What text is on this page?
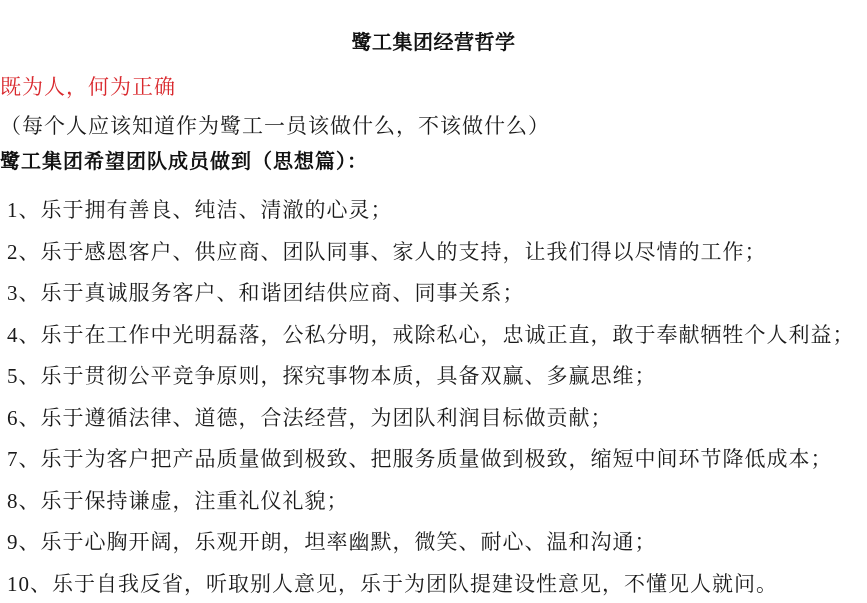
鹭工集团经营哲学

既为人，何为正确

（每个人应该知道作为鹭工一员该做什么，不该做什么）

鹭工集团希望团队成员做到（思想篇）：

1、乐于拥有善良、纯洁、清澈的心灵；

2、乐于感恩客户、供应商、团队同事、家人的支持，让我们得以尽情的工作；

3、乐于真诚服务客户、和谐团结供应商、同事关系；

4、乐于在工作中光明磊落，公私分明，戒除私心，忠诚正直，敢于奉献牺牲个人利益；

5、乐于贯彻公平竞争原则，探究事物本质，具备双赢、多赢思维；

6、乐于遵循法律、道德，合法经营，为团队利润目标做贡献；

7、乐于为客户把产品质量做到极致、把服务质量做到极致，缩短中间环节降低成本；

8、乐于保持谦虚，注重礼仪礼貌；

9、乐于心胸开阔，乐观开朗，坦率幽默，微笑、耐心、温和沟通；

10、乐于自我反省，听取别人意见，乐于为团队提建设性意见，不懂见人就问。
